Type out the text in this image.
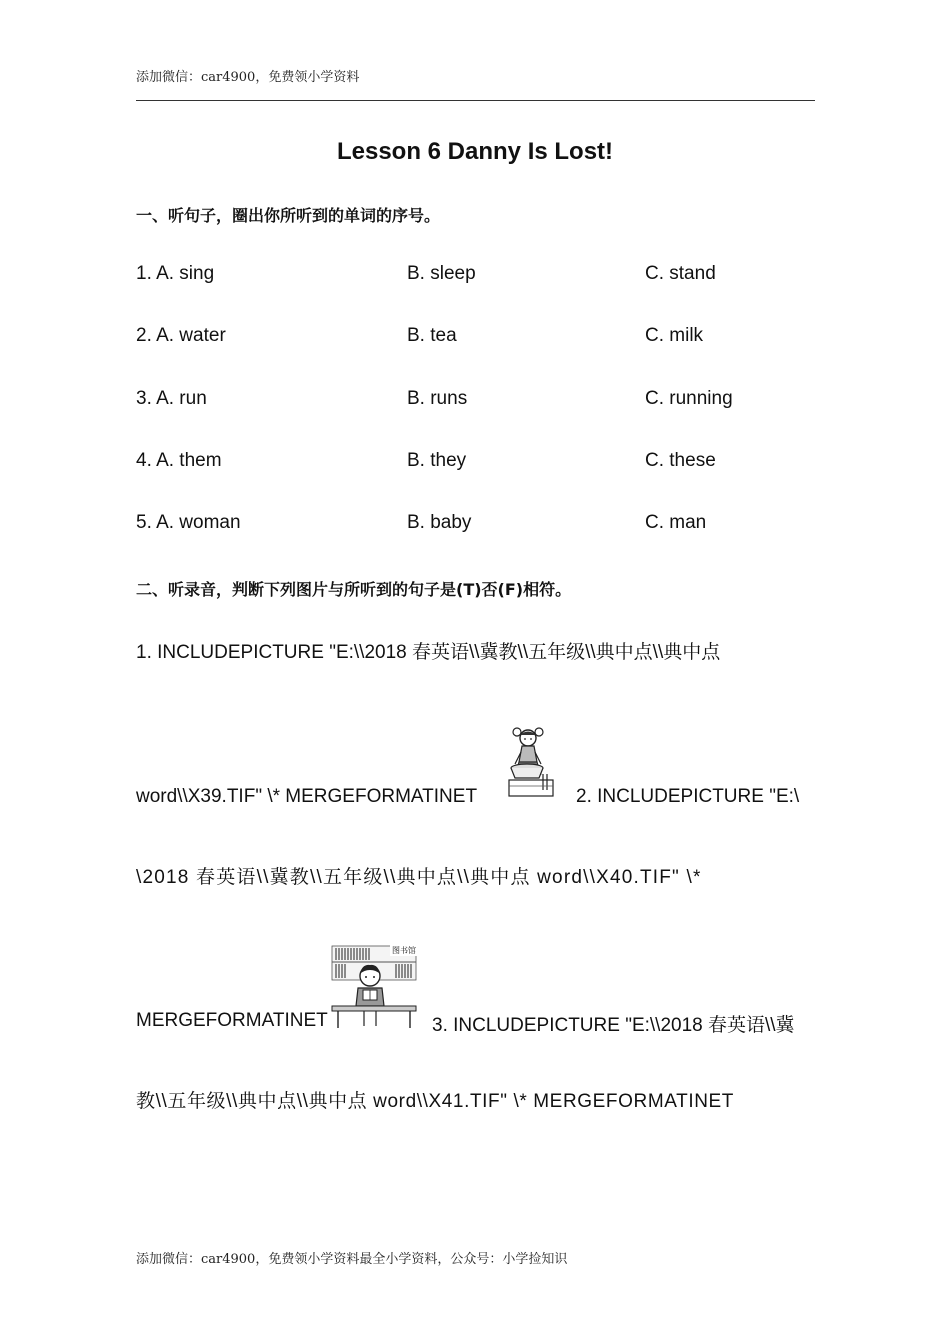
添加微信：car4900，免费领小学资料
Lesson 6 Danny Is Lost!
一、听句子，圈出你所听到的单词的序号。
1. A. sing	B. sleep	C. stand
2. A. water	B. tea	C. milk
3. A. run	B. runs	C. running
4. A. them	B. they	C. these
5. A. woman	B. baby	C. man
二、听录音，判断下列图片与所听到的句子是(T)否(F)相符。
1. INCLUDEPICTURE "E:\\2018 春英语\\冀教\\五年级\\典中点\\典中点
word\\X39.TIF" \* MERGEFORMATINET	2. INCLUDEPICTURE "E:\
\2018 春英语\\冀教\\五年级\\典中点\\典中点 word\\X40.TIF" \*
MERGEFORMATINET
图书馆
3. INCLUDEPICTURE "E:\\2018 春英语\\冀
教\\五年级\\典中点\\典中点 word\\X41.TIF" \* MERGEFORMATINET
添加微信：car4900，免费领小学资料最全小学资料，公众号：小学捡知识
